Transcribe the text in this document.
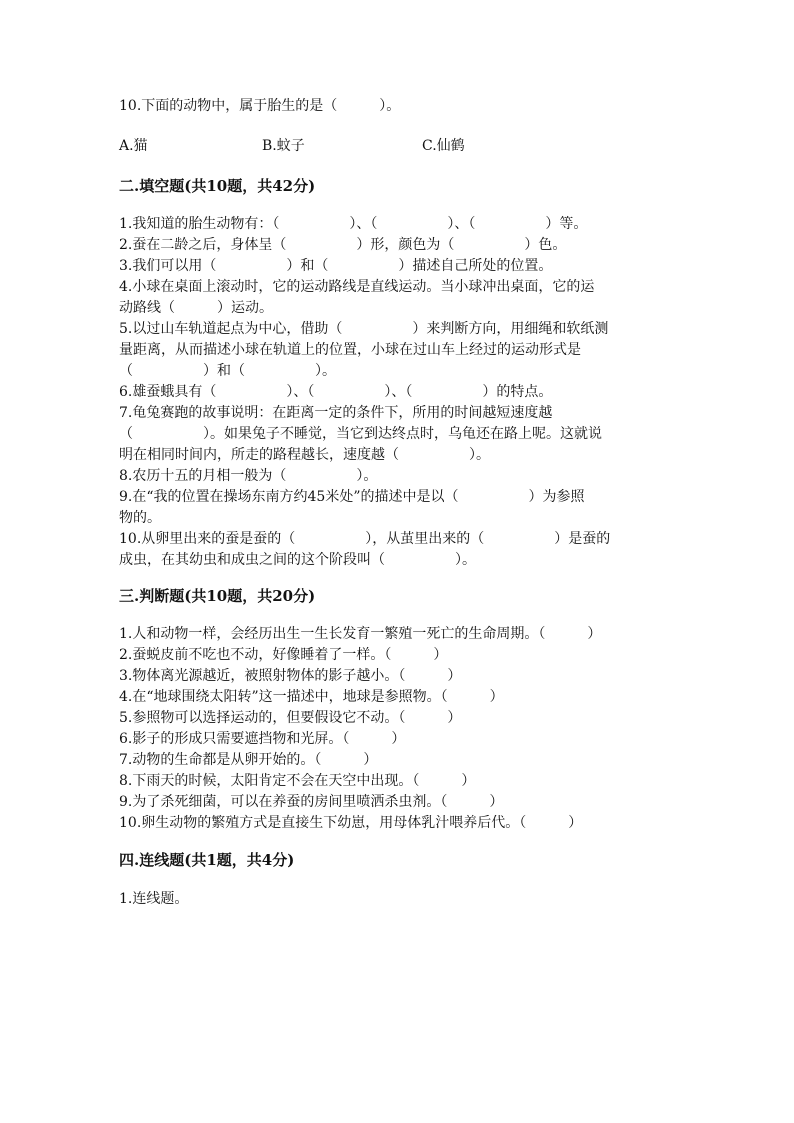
10.下面的动物中，属于胎生的是（　　　）。
A.猫	B.蚊子	C.仙鹤
二.填空题(共10题，共42分)
1.我知道的胎生动物有：（　　　　　）、（　　　　　）、（　　　　　）等。
2.蚕在二龄之后，身体呈（　　　　　）形，颜色为（　　　　　）色。
3.我们可以用（　　　　　）和（　　　　　）描述自己所处的位置。
4.小球在桌面上滚动时，它的运动路线是直线运动。当小球冲出桌面，它的运
动路线（　　　）运动。
5.以过山车轨道起点为中心，借助（　　　　　）来判断方向，用细绳和软纸测
量距离，从而描述小球在轨道上的位置，小球在过山车上经过的运动形式是
（　　　　　）和（　　　　　）。
6.雄蚕蛾具有（　　　　　）、（　　　　　）、（　　　　　）的特点。
7.龟兔赛跑的故事说明：在距离一定的条件下，所用的时间越短速度越
（　　　　　）。如果兔子不睡觉，当它到达终点时，乌龟还在路上呢。这就说
明在相同时间内，所走的路程越长，速度越（　　　　　）。
8.农历十五的月相一般为（　　　　　）。
9.在“我的位置在操场东南方约45米处”的描述中是以（　　　　　）为参照
物的。
10.从卵里出来的蚕是蚕的（　　　　　），从茧里出来的（　　　　　）是蚕的
成虫，在其幼虫和成虫之间的这个阶段叫（　　　　　）。
三.判断题(共10题，共20分)
1.人和动物一样，会经历出生一生长发育一繁殖一死亡的生命周期。（　　　）
2.蚕蜕皮前不吃也不动，好像睡着了一样。（　　　）
3.物体离光源越近，被照射物体的影子越小。（　　　）
4.在“地球围绕太阳转”这一描述中，地球是参照物。（　　　）
5.参照物可以选择运动的，但要假设它不动。（　　　）
6.影子的形成只需要遮挡物和光屏。（　　　）
7.动物的生命都是从卵开始的。（　　　）
8.下雨天的时候，太阳肯定不会在天空中出现。（　　　）
9.为了杀死细菌，可以在养蚕的房间里喷洒杀虫剂。（　　　）
10.卵生动物的繁殖方式是直接生下幼崽，用母体乳汁喂养后代。（　　　）
四.连线题(共1题，共4分)
1.连线题。
